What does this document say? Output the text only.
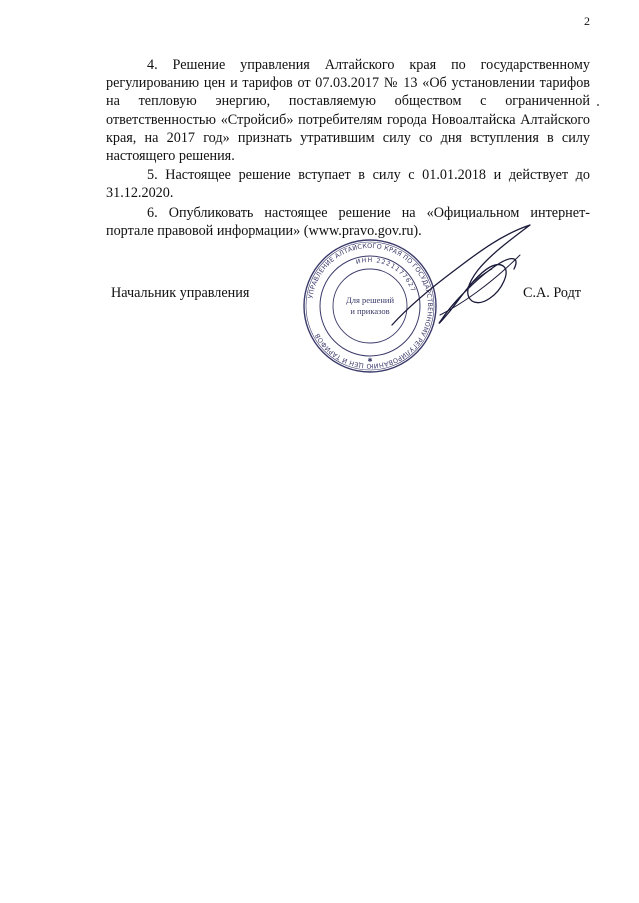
2

4. Решение управления Алтайского края по государственному регулированию цен и тарифов от 07.03.2017 № 13 «Об установлении тарифов на тепловую энергию, поставляемую обществом с ограниченной ответственностью «Стройсиб» потребителям города Новоалтайска Алтайского края, на 2017 год» признать утратившим силу со дня вступления в силу настоящего решения.

5. Настоящее решение вступает в силу с 01.01.2018 и действует до 31.12.2020.

6. Опубликовать настоящее решение на «Официальном интернет-портале правовой информации» (www.pravo.gov.ru).

Начальник управления	УПРАВЛЕНИЕ АЛТАЙСКОГО КРАЯ ПО ГОСУДАРСТВЕННОМУ РЕГУЛИРОВАНИЮ ЦЕН И ТАРИФОВ
ИНН 2221177627
Для решений
и приказов
✱
С.А. Родт
